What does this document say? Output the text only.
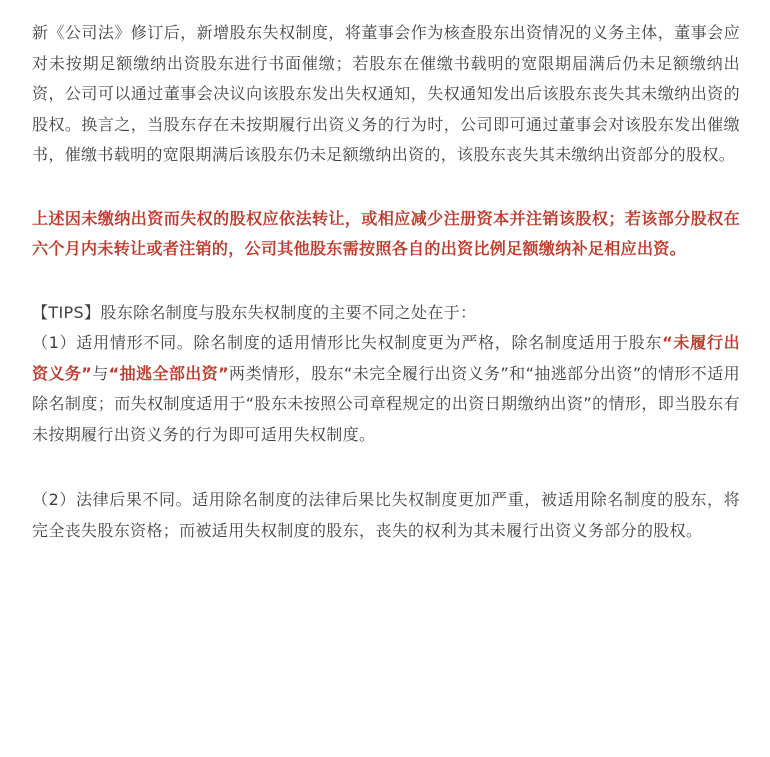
新《公司法》修订后，新增股东失权制度，将董事会作为核查股东出资情况的义务主体，董事会应对未按期足额缴纳出资股东进行书面催缴；若股东在催缴书载明的宽限期届满后仍未足额缴纳出资，公司可以通过董事会决议向该股东发出失权通知，失权通知发出后该股东丧失其未缴纳出资的股权。换言之，当股东存在未按期履行出资义务的行为时，公司即可通过董事会对该股东发出催缴书，催缴书载明的宽限期满后该股东仍未足额缴纳出资的，该股东丧失其未缴纳出资部分的股权。

上述因未缴纳出资而失权的股权应依法转让，或相应减少注册资本并注销该股权；若该部分股权在六个月内未转让或者注销的，公司其他股东需按照各自的出资比例足额缴纳补足相应出资。

【TIPS】股东除名制度与股东失权制度的主要不同之处在于：

（1）适用情形不同。除名制度的适用情形比失权制度更为严格，除名制度适用于股东“未履行出资义务”与“抽逃全部出资”两类情形，股东“未完全履行出资义务”和“抽逃部分出资”的情形不适用除名制度；而失权制度适用于“股东未按照公司章程规定的出资日期缴纳出资”的情形，即当股东有未按期履行出资义务的行为即可适用失权制度。

（2）法律后果不同。适用除名制度的法律后果比失权制度更加严重，被适用除名制度的股东，将完全丧失股东资格；而被适用失权制度的股东，丧失的权利为其未履行出资义务部分的股权。
